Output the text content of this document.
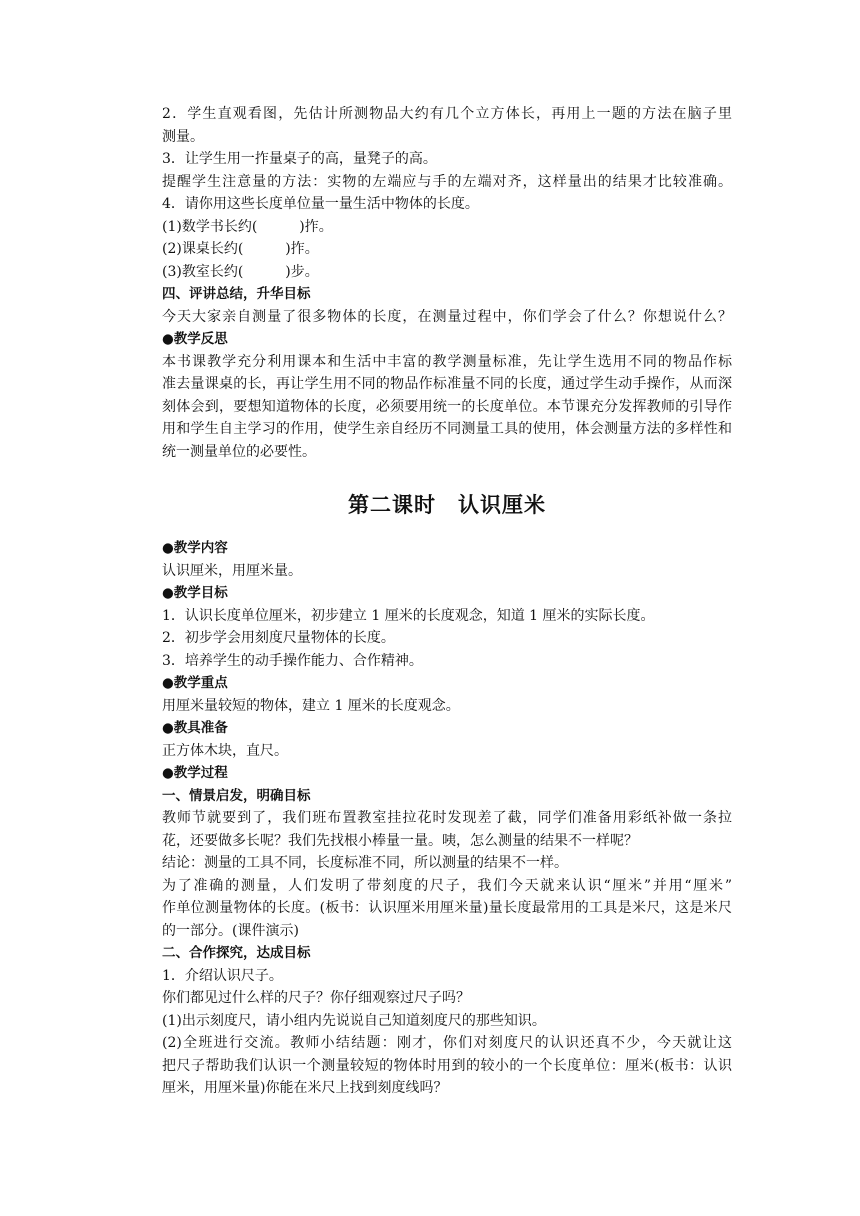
2．学生直观看图，先估计所测物品大约有几个立方体长，再用上一题的方法在脑子里
测量。
3．让学生用一拃量桌子的高，量凳子的高。
提醒学生注意量的方法：实物的左端应与手的左端对齐，这样量出的结果才比较准确。
4．请你用这些长度单位量一量生活中物体的长度。
(1)数学书长约(　　　)拃。
(2)课桌长约(　　　)拃。
(3)教室长约(　　　)步。
四、评讲总结，升华目标
今天大家亲自测量了很多物体的长度，在测量过程中，你们学会了什么？你想说什么？
●教学反思
本书课教学充分利用课本和生活中丰富的教学测量标准，先让学生选用不同的物品作标
准去量课桌的长，再让学生用不同的物品作标准量不同的长度，通过学生动手操作，从而深
刻体会到，要想知道物体的长度，必须要用统一的长度单位。本节课充分发挥教师的引导作
用和学生自主学习的作用，使学生亲自经历不同测量工具的使用，体会测量方法的多样性和
统一测量单位的必要性。
第二课时　认识厘米
●教学内容
认识厘米，用厘米量。
●教学目标
1．认识长度单位厘米，初步建立 1 厘米的长度观念，知道 1 厘米的实际长度。
2．初步学会用刻度尺量物体的长度。
3．培养学生的动手操作能力、合作精神。
●教学重点
用厘米量较短的物体，建立 1 厘米的长度观念。
●教具准备
正方体木块，直尺。
●教学过程
一、情景启发，明确目标
教师节就要到了，我们班布置教室挂拉花时发现差了截，同学们准备用彩纸补做一条拉
花，还要做多长呢？我们先找根小棒量一量。咦，怎么测量的结果不一样呢？
结论：测量的工具不同，长度标准不同，所以测量的结果不一样。
为了准确的测量，人们发明了带刻度的尺子，我们今天就来认识“厘米”并用“厘米”
作单位测量物体的长度。(板书：认识厘米用厘米量)量长度最常用的工具是米尺，这是米尺
的一部分。(课件演示)
二、合作探究，达成目标
1．介绍认识尺子。
你们都见过什么样的尺子？你仔细观察过尺子吗？
(1)出示刻度尺，请小组内先说说自己知道刻度尺的那些知识。
(2)全班进行交流。教师小结结题：刚才，你们对刻度尺的认识还真不少，今天就让这
把尺子帮助我们认识一个测量较短的物体时用到的较小的一个长度单位：厘米(板书：认识
厘米，用厘米量)你能在米尺上找到刻度线吗？
